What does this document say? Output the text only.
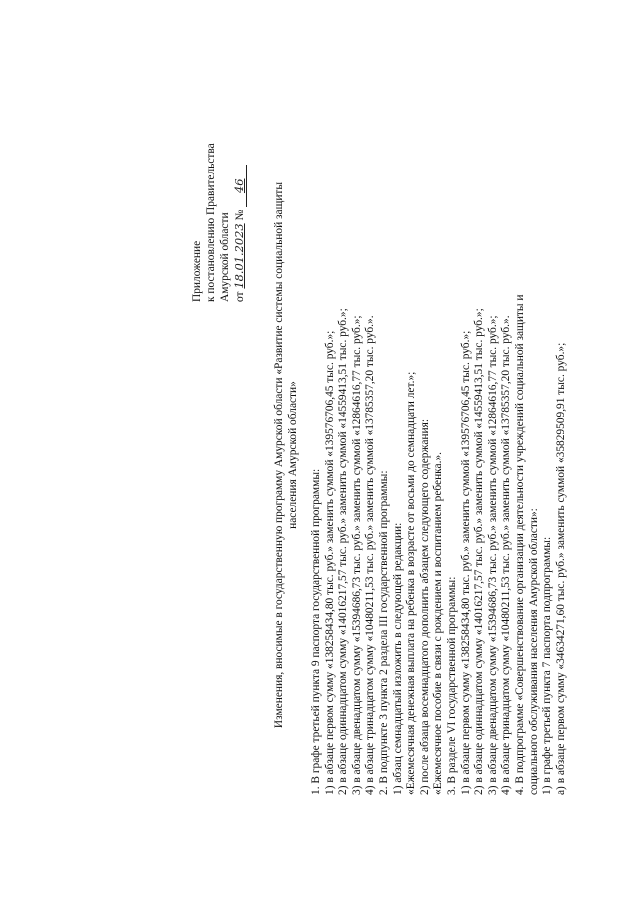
Приложение к постановлению Правительства Амурской области от 18.01.2023 № 46 Изменения, вносимые в государственную программу Амурской области «Развитие системы социальной защиты населения Амурской области»
1. В графе третьей пункта 9 паспорта государственной программы: 1) в абзаце первом сумму «138258434,80 тыс. руб.» заменить суммой «139576706,45 тыс. руб.»; 2) в абзаце одиннадцатом сумму «14016217,57 тыс. руб.» заменить суммой «14559413,51 тыс. руб.»; 3) в абзаце двенадцатом сумму «15394686,73 тыс. руб.» заменить суммой «12864616,77 тыс. руб.»; 4) в абзаце тринадцатом сумму «10480211,53 тыс. руб.» заменить суммой «13785357,20 тыс. руб.». 2. В подпункте 3 пункта 2 раздела III государственной программы: 1) абзац семнадцатый изложить в следующей редакции: «Ежемесячная денежная выплата на ребенка в возрасте от восьми до семнадцати лет.»; 2) после абзаца восемнадцатого дополнить абзацем следующего содержания: «Ежемесячное пособие в связи с рождением и воспитанием ребенка.». 3. В разделе VI государственной программы: 1) в абзаце первом сумму «138258434,80 тыс. руб.» заменить суммой «139576706,45 тыс. руб.»; 2) в абзаце одиннадцатом сумму «14016217,57 тыс. руб.» заменить суммой «14559413,51 тыс. руб.»; 3) в абзаце двенадцатом сумму «15394686,73 тыс. руб.» заменить суммой «12864616,77 тыс. руб.»; 4) в абзаце тринадцатом сумму «10480211,53 тыс. руб.» заменить суммой «13785357,20 тыс. руб.». 4. В подпрограмме «Совершенствование организации деятельности учреждений социальной защиты и социального обслуживания населения Амурской области»: 1) в графе третьей пункта 7 паспорта подпрограммы: а) в абзаце первом сумму «34634271,60 тыс. руб.» заменить суммой «35829509,91 тыс. руб.»;
